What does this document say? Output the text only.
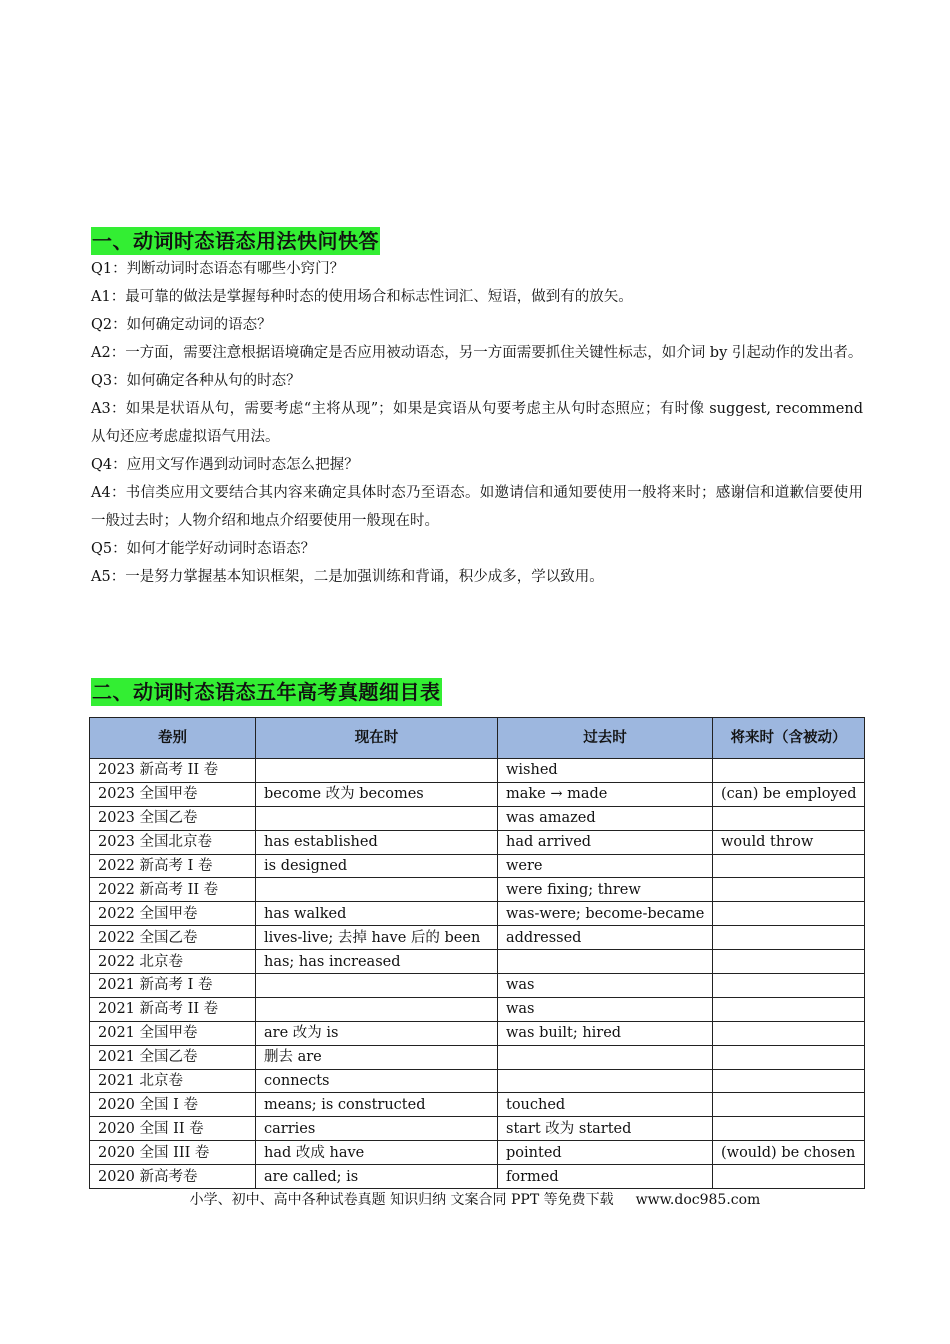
一、动词时态语态用法快问快答

Q1：判断动词时态语态有哪些小窍门？

A1：最可靠的做法是掌握每种时态的使用场合和标志性词汇、短语，做到有的放矢。

Q2：如何确定动词的语态？

A2：一方面，需要注意根据语境确定是否应用被动语态，另一方面需要抓住关键性标志，如介词 by 引起动作的发出者。

Q3：如何确定各种从句的时态？

A3：如果是状语从句，需要考虑“主将从现”；如果是宾语从句要考虑主从句时态照应；有时像 suggest, recommend 从句还应考虑虚拟语气用法。

Q4：应用文写作遇到动词时态怎么把握？

A4：书信类应用文要结合其内容来确定具体时态乃至语态。如邀请信和通知要使用一般将来时；感谢信和道歉信要使用一般过去时；人物介绍和地点介绍要使用一般现在时。

Q5：如何才能学好动词时态语态？

A5：一是努力掌握基本知识框架，二是加强训练和背诵，积少成多，学以致用。

二、动词时态语态五年高考真题细目表
卷别	现在时	过去时	将来时（含被动）
2023 新高考 II 卷		wished	
2023 全国甲卷	become 改为 becomes	make → made	(can) be employed
2023 全国乙卷		was amazed	
2023 全国北京卷	has established	had arrived	would throw
2022 新高考 I 卷	is designed	were	
2022 新高考 II 卷		were fixing; threw	
2022 全国甲卷	has walked	was-were; become-became	
2022 全国乙卷	lives-live; 去掉 have 后的 been	addressed	
2022 北京卷	has; has increased		
2021 新高考 I 卷		was	
2021 新高考 II 卷		was	
2021 全国甲卷	are 改为 is	was built; hired	
2021 全国乙卷	删去 are		
2021 北京卷	connects		
2020 全国 I 卷	means; is constructed	touched	
2020 全国 II 卷	carries	start 改为 started	
2020 全国 III 卷	had 改成 have	pointed	(would) be chosen
2020 新高考卷	are called; is	formed	
小学、初中、高中各种试卷真题 知识归纳 文案合同 PPT 等免费下载 www.doc985.com
